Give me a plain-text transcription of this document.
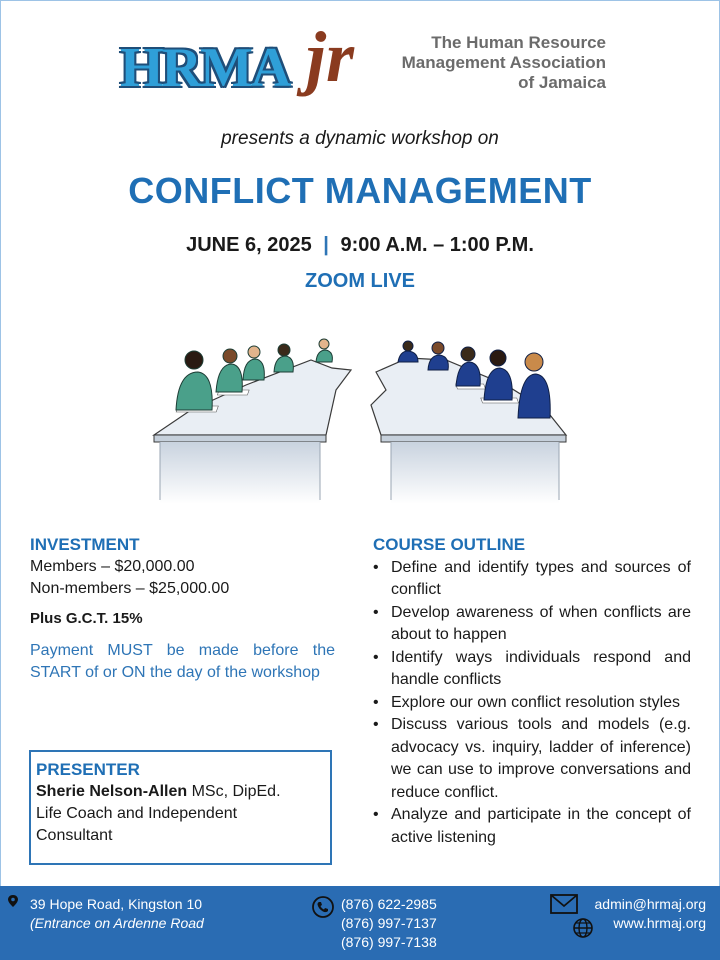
HRMA jr	The Human Resource
Management Association
of Jamaica
presents a dynamic workshop on
CONFLICT MANAGEMENT
JUNE 6, 2025 | 9:00 A.M. – 1:00 P.M.
ZOOM LIVE
INVESTMENT
Members – $20,000.00
Non-members – $25,000.00
Plus G.C.T. 15%
Payment MUST be made before the START of or ON the day of the workshop
PRESENTER
Sherie Nelson-Allen MSc, DipEd.
Life Coach and Independent
Consultant
COURSE OUTLINE
• Define and identify types and sources of conflict
• Develop awareness of when conflicts are about to happen
• Identify ways individuals respond and handle conflicts
• Explore our own conflict resolution styles
• Discuss various tools and models (e.g. advocacy vs. inquiry, ladder of inference) we can use to improve conversations and reduce conflict.
• Analyze and participate in the concept of active listening
39 Hope Road, Kingston 10
(Entrance on Ardenne Road
(876) 622-2985
(876) 997-7137
(876) 997-7138
admin@hrmaj.org
www.hrmaj.org
